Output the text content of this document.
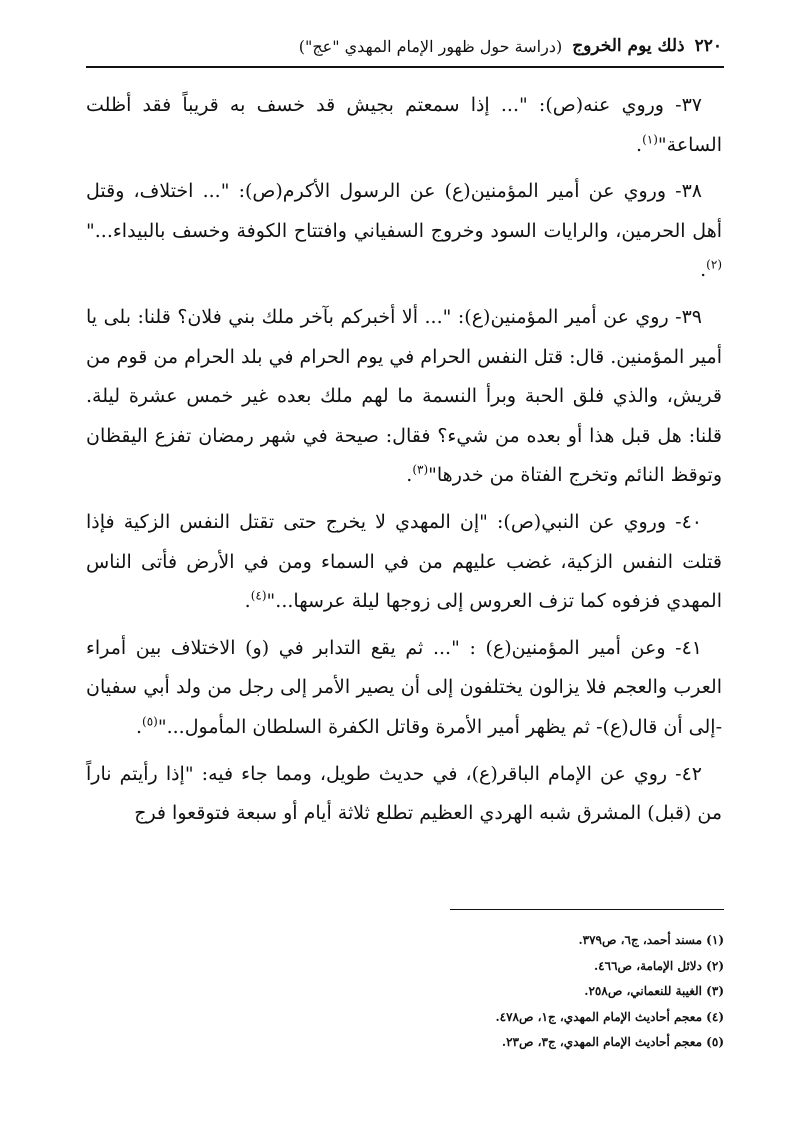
٢٢٠
ذلك يوم الخروج
(دراسة حول ظهور الإمام المهدي "عج")

٣٧- وروي عنه(ص): "... إذا سمعتم بجيش قد خسف به قريباً فقد أظلت الساعة"$^{(١)}$.

٣٨- وروي عن أمير المؤمنين(ع) عن الرسول الأكرم(ص): "... اختلاف، وقتل أهل الحرمين، والرايات السود وخروج السفياني وافتتاح الكوفة وخسف بالبيداء..."$^{(٢)}$.

٣٩- روي عن أمير المؤمنين(ع): "... ألا أخبركم بآخر ملك بني فلان؟ قلنا: بلى يا أمير المؤمنين. قال: قتل النفس الحرام في يوم الحرام في بلد الحرام من قوم من قريش، والذي فلق الحبة وبرأ النسمة ما لهم ملك بعده غير خمس عشرة ليلة. قلنا: هل قبل هذا أو بعده من شيء؟ فقال: صيحة في شهر رمضان تفزع اليقظان وتوقظ النائم وتخرج الفتاة من خدرها"$^{(٣)}$.

٤٠- وروي عن النبي(ص): "إن المهدي لا يخرج حتى تقتل النفس الزكية فإذا قتلت النفس الزكية، غضب عليهم من في السماء ومن في الأرض فأتى الناس المهدي فزفوه كما تزف العروس إلى زوجها ليلة عرسها..."$^{(٤)}$.

٤١- وعن أمير المؤمنين(ع) : "... ثم يقع التدابر في (و) الاختلاف بين أمراء العرب والعجم فلا يزالون يختلفون إلى أن يصير الأمر إلى رجل من ولد أبي سفيان -إلى أن قال(ع)- ثم يظهر أمير الأمرة وقاتل الكفرة السلطان المأمول..."$^{(٥)}$.

٤٢- روي عن الإمام الباقر(ع)، في حديث طويل، ومما جاء فيه: "إذا رأيتم ناراً من (قبل) المشرق شبه الهردي العظيم تطلع ثلاثة أيام أو سبعة فتوقعوا فرج

(١) مسند أحمد، ج٦، ص٣٧٩.
(٢) دلائل الإمامة، ص٤٦٦.
(٣) الغيبة للنعماني، ص٢٥٨.
(٤) معجم أحاديث الإمام المهدي، ج١، ص٤٧٨.
(٥) معجم أحاديث الإمام المهدي، ج٣، ص٢٣.
